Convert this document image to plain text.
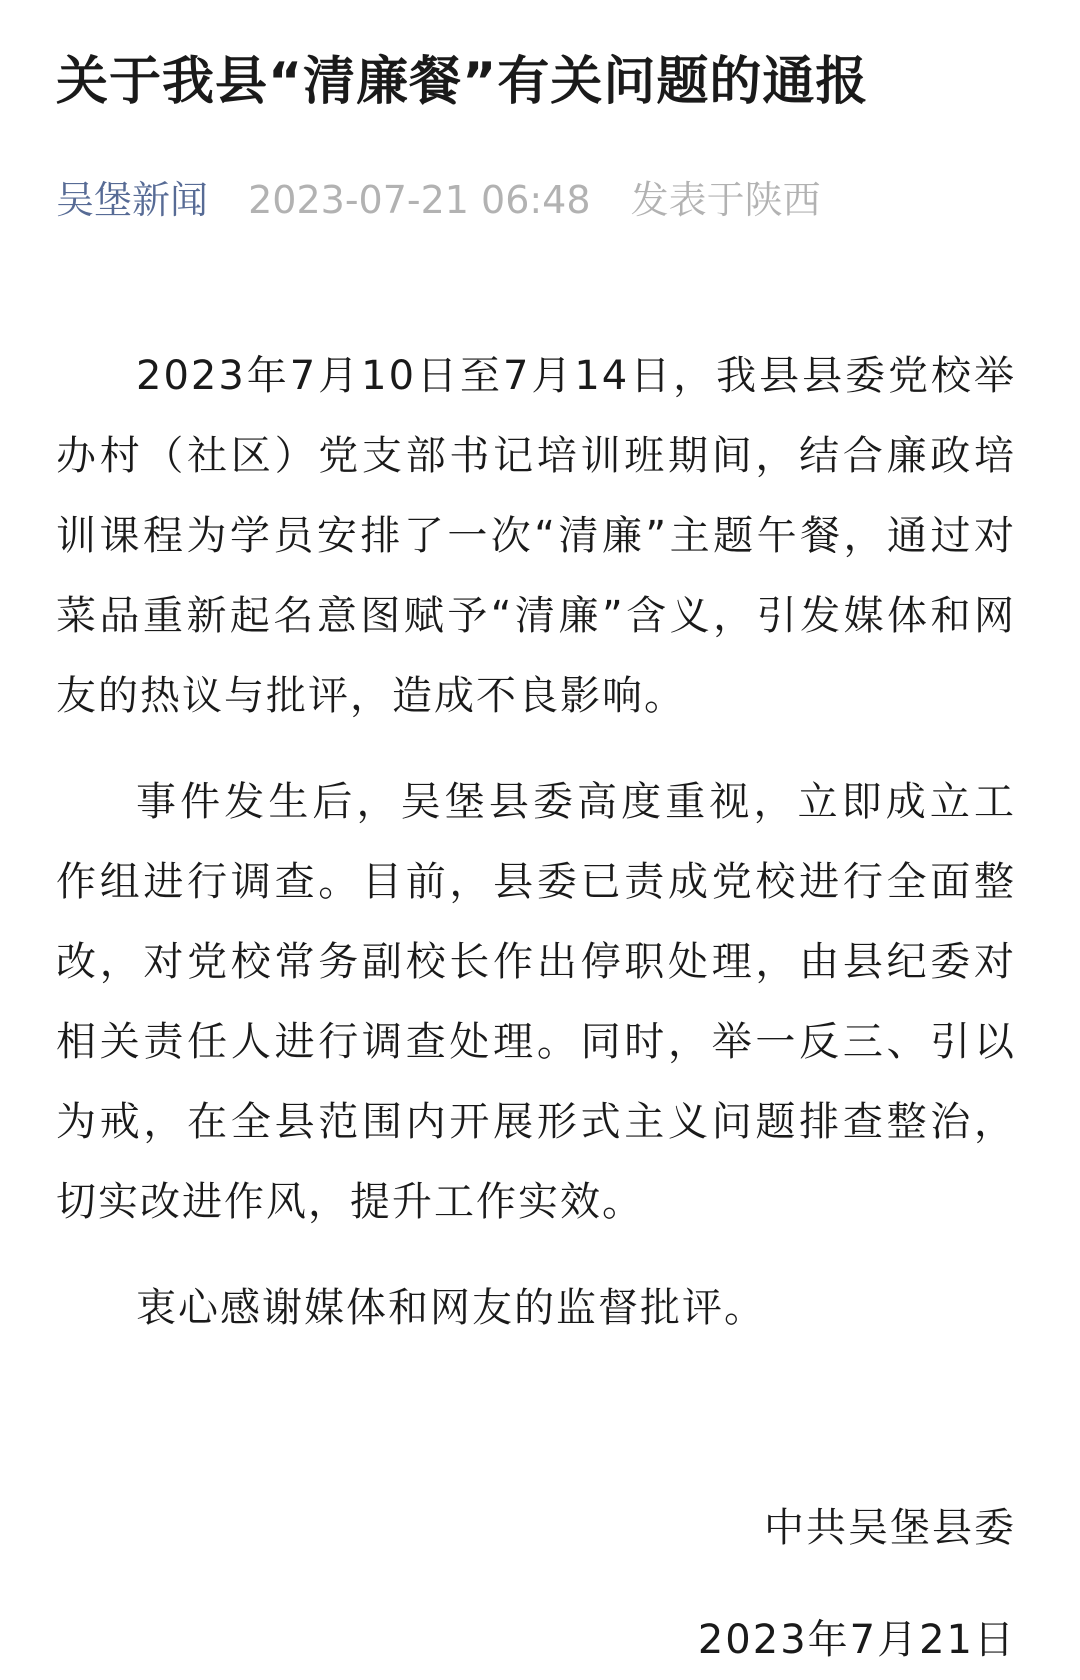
关于我县“清廉餐”有关问题的通报
吴堡新闻 2023-07-21 06:48 发表于陕西

2023年7月10日至7月14日，我县县委党校举办村（社区）党支部书记培训班期间，结合廉政培训课程为学员安排了一次“清廉”主题午餐，通过对菜品重新起名意图赋予“清廉”含义，引发媒体和网友的热议与批评，造成不良影响。

事件发生后，吴堡县委高度重视，立即成立工作组进行调查。目前，县委已责成党校进行全面整改，对党校常务副校长作出停职处理，由县纪委对相关责任人进行调查处理。同时，举一反三、引以为戒，在全县范围内开展形式主义问题排查整治，切实改进作风，提升工作实效。

衷心感谢媒体和网友的监督批评。

中共吴堡县委

2023年7月21日
